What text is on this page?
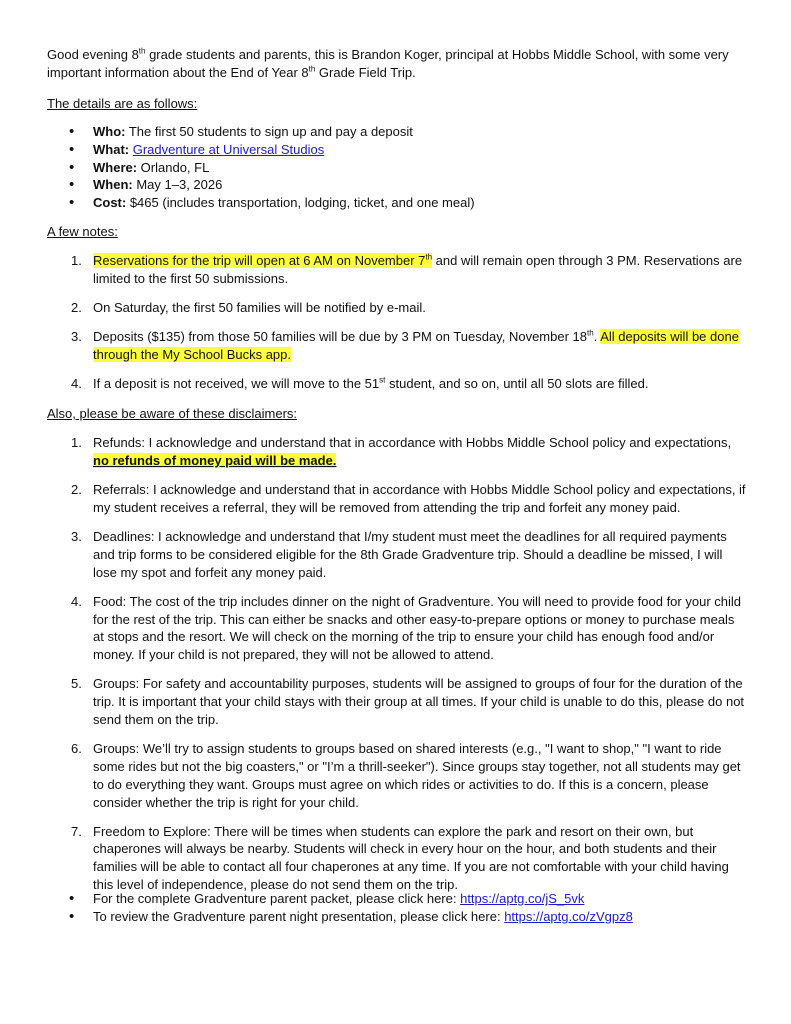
Good evening 8th grade students and parents, this is Brandon Koger, principal at Hobbs Middle School, with some very important information about the End of Year 8th Grade Field Trip.

The details are as follows:

• Who: The first 50 students to sign up and pay a deposit
• What: Gradventure at Universal Studios
• Where: Orlando, FL
• When: May 1–3, 2026
• Cost: $465 (includes transportation, lodging, ticket, and one meal)

A few notes:

1. Reservations for the trip will open at 6 AM on November 7th and will remain open through 3 PM. Reservations are limited to the first 50 submissions.
2. On Saturday, the first 50 families will be notified by e-mail.
3. Deposits ($135) from those 50 families will be due by 3 PM on Tuesday, November 18th. All deposits will be done through the My School Bucks app.
4. If a deposit is not received, we will move to the 51st student, and so on, until all 50 slots are filled.

Also, please be aware of these disclaimers:

1. Refunds: I acknowledge and understand that in accordance with Hobbs Middle School policy and expectations, no refunds of money paid will be made.
2. Referrals: I acknowledge and understand that in accordance with Hobbs Middle School policy and expectations, if my student receives a referral, they will be removed from attending the trip and forfeit any money paid.
3. Deadlines: I acknowledge and understand that I/my student must meet the deadlines for all required payments and trip forms to be considered eligible for the 8th Grade Gradventure trip. Should a deadline be missed, I will lose my spot and forfeit any money paid.
4. Food: The cost of the trip includes dinner on the night of Gradventure. You will need to provide food for your child for the rest of the trip. This can either be snacks and other easy-to-prepare options or money to purchase meals at stops and the resort. We will check on the morning of the trip to ensure your child has enough food and/or money. If your child is not prepared, they will not be allowed to attend.
5. Groups: For safety and accountability purposes, students will be assigned to groups of four for the duration of the trip. It is important that your child stays with their group at all times. If your child is unable to do this, please do not send them on the trip.
6. Groups: We’ll try to assign students to groups based on shared interests (e.g., "I want to shop," "I want to ride some rides but not the big coasters," or "I’m a thrill-seeker"). Since groups stay together, not all students may get to do everything they want. Groups must agree on which rides or activities to do. If this is a concern, please consider whether the trip is right for your child.
7. Freedom to Explore: There will be times when students can explore the park and resort on their own, but chaperones will always be nearby. Students will check in every hour on the hour, and both students and their families will be able to contact all four chaperones at any time. If you are not comfortable with your child having this level of independence, please do not send them on the trip.
• For the complete Gradventure parent packet, please click here: https://aptg.co/jS_5vk
• To review the Gradventure parent night presentation, please click here: https://aptg.co/zVgpz8
